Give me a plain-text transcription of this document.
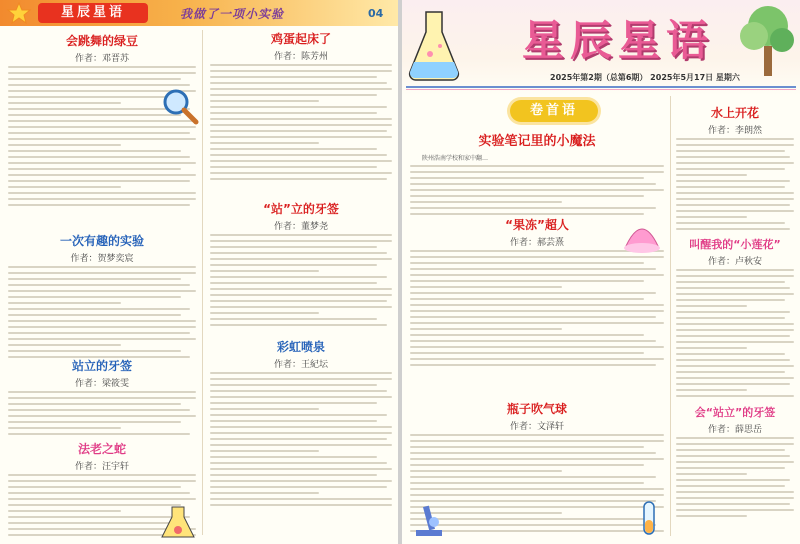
星辰星语	我做了一项小实验	04

会跳舞的绿豆

作者：邓晋苏

一次有趣的实验

作者：贺梦奕宸

站立的牙签

作者：梁筱雯

法老之蛇

作者：汪宇轩

鸡蛋起床了

作者：陈芳州

“站”立的牙签

作者：董梦尧

彩虹喷泉

作者：王紀坛

星辰星语
2025年第2期（总第6期） 2025年5月17日 星期六
卷首语

实验笔记里的小魔法

陕州浩南学校和家中翻…

“果冻”超人

作者：郝芸熹

瓶子吹气球

作者：文泽轩

水上开花

作者：李朗然

叫醒我的“小莲花”

作者：卢秋安

会“站立”的牙签

作者：薛思岳
